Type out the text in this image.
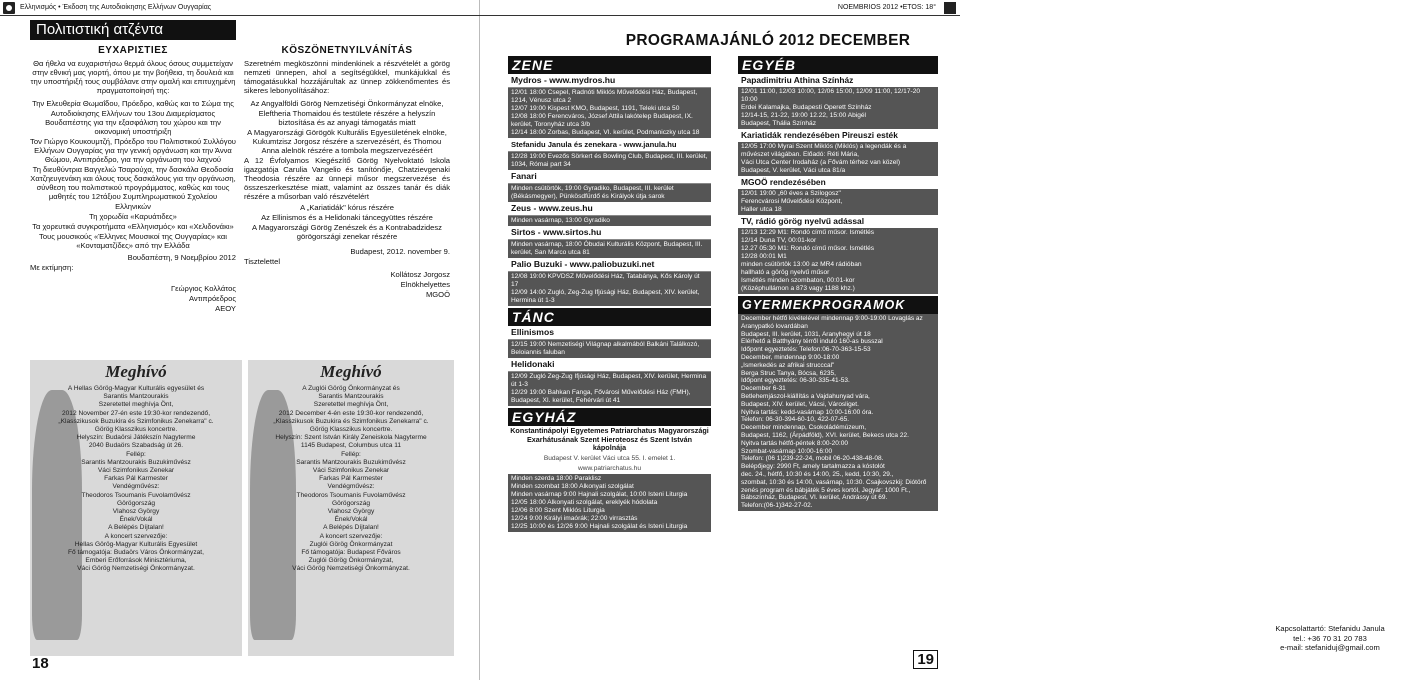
Ελληνισμός • Έκδοση της Αυτοδιοίκησης Ελλήνων Ουγγαρίας
Πολιτιστική ατζέντα
ΕΥΧΑΡΙΣΤΙΕΣ

Θα ήθελα να ευχαριστήσω θερμά όλους όσους συμμετείχαν στην εθνική μας γιορτή, όπου με την βοήθεια, τη δουλειά και την υποστήριξή τους συμβάλανε στην ομαλή και επιτυχημένη πραγματοποίησή της:

Την Ελευθερία Θωμαΐδου, Πρόεδρο, καθώς και το Σώμα της Αυτοδιοίκησης Ελλήνων του 13ου Διαμερίσματος Βουδαπέστης για την εξασφάλιση του χώρου και την οικονομική υποστήριξη

Τον Γιώργο Κουκουμτζή, Πρόεδρο του Πολιτιστικού Συλλόγου Ελλήνων Ουγγαρίας για την γενική οργάνωση και την Άννα Θώμου, Αντιπρόεδρο, για την οργάνωση του λαχνού

Τη διευθύντρια Βαγγελιώ Τσαρούχα, την δασκάλα Θεοδοσία Χατζηευγενάκη και όλους τους δασκάλους για την οργάνωση, σύνθεση του πολιτιστικού προγράμματος, καθώς και τους μαθητές του 12τάξιου Συμπληρωματικού Σχολείου Ελληνικών

Τη χορωδία «Καρυάτιδες»

Τα χορευτικά συγκροτήματα «Ελληνισμός» και «Χελιδονάκι»

Τους μουσικούς «Έλληνες Μουσικοί της Ουγγαρίας» και «Κονταματζίδες» από την Ελλάδα

Βουδαπέστη, 9 Νοεμβρίου 2012

Με εκτίμηση:

Γεώργιος Κολλάτος

Αντιπρόεδρος

ΑΕΟΥ

KÖSZÖNETNYILVÁNÍTÁS

Szeretném megköszönni mindenkinek a részvételét a görög nemzeti ünnepen, ahol a segítségükkel, munkájukkal és támogatásukkal hozzájárultak az ünnep zökkenőmentes és sikeres lebonyolításához:

Az Angyalföldi Görög Nemzetiségi Önkormányzat elnöke, Eleftheria Thomaidou és testülete részére a helyszín biztosítása és az anyagi támogatás miatt

A Magyarországi Görögök Kulturális Egyesületének elnöke, Kukumtzisz Jorgosz részére a szervezésért, és Thomou Anna alelnök részére a tombola megszervezéséért

A 12 Évfolyamos Kiegészítő Görög Nyelvoktató Iskola igazgatója Carulia Vangelio és tanítónője, Chatzievgenaki Theodosia részére az ünnepi műsor megszervezése és összeszerkesztése miatt, valamint az összes tanár és diák részére a műsorban való részvételért

A „Kariatidák" kórus részére

Az Ellinismos és a Helidonaki táncegyüttes részére

A Magyarországi Görög Zenészek és a Kontrabadzidesz görögországi zenekar részére

Budapest, 2012. november 9.

Tisztelettel

Kollátosz Jorgosz

Elnökhelyettes

MGOÖ

Meghívó
A Hellas Görög-Magyar Kulturális egyesület és
Sarantis Mantzourakis
Szeretettel meghívja Önt,
2012 November 27-én este 19:30-kor rendezendő,
„Klasszikusok Buzukira és Szimfonikus Zenekarra" c.
Görög Klasszikus koncertre.
Helyszín: Budaörsi Játékszín Nagyterme
2040 Budaörs Szabadság út 26.
Fellép:
Sarantis Mantzourakis Buzukiművész
Váci Szimfonikus Zenekar
Farkas Pál Karmester
Vendégművész:
Theodoros Tsoumanis Fuvolaművész
Görögország
Vlahosz György
Ének/Vokál
A Belépés Díjtalan!
A koncert szervezője:
Hellas Görög-Magyar Kulturális Egyesület
Fő támogatója: Budaörs Város Önkormányzat,
Emberi Erőforrások Minisztériuma,
Váci Görög Nemzetiségi Önkormányzat.
Meghívó
A Zuglói Görög Önkormányzat és
Sarantis Mantzourakis
Szeretettel meghívja Önt,
2012 December 4-én este 19:30-kor rendezendő,
„Klasszikusok Buzukira és Szimfonikus Zenekarra" c.
Görög Klasszikus koncertre.
Helyszín: Szent István Király Zeneiskola Nagyterme
1145 Budapest, Columbus utca 11
Fellép:
Sarantis Mantzourakis Buzukiművész
Váci Szimfonikus Zenekar
Farkas Pál Karmester
Vendégművész:
Theodoros Tsoumanis Fuvolaművész
Görögország
Vlahosz György
Ének/Vokál
A Belépés Díjtalan!
A koncert szervezője:
Zuglói Görög Önkormányzat
Fő támogatója: Budapest Főváros
Zuglói Görög Önkormányzat,
Váci Görög Nemzetiségi Önkormányzat.
18
NOEMBRIOS 2012 •ETOS: 18°
PROGRAMAJÁNLÓ 2012 DECEMBER
ZENE
Mydros - www.mydros.hu
12/01 18:00 Csepel, Radnóti Miklós Művelődési Ház, Budapest, 1214, Vénusz utca 2
12/07 19:00 Kispest KMO, Budapest, 1191, Teleki utca 50
12/08 18:00 Ferencváros, József Attila lakótelep Budapest, IX. kerület, Toronyház utca 3/b
12/14 18:00 Zorbas, Budapest, VI. kerület, Podmaniczky utca 18
Stefanidu Janula és zenekara - www.janula.hu
12/28 19:00 Evezős Sörkert és Bowling Club, Budapest, III. kerület, 1034, Római part 34
Fanari
Minden csütörtök, 19:00 Gyradiko, Budapest, III. kerület (Békásmegyer), Pünkösdfürdő és Királyok útja sarok
Zeus - www.zeus.hu
Minden vasárnap, 13:00 Gyradiko
Sirtos - www.sirtos.hu
Minden vasárnap, 18:00 Óbudai Kulturális Központ, Budapest, III. kerület, San Marco utca 81
Palio Buzuki - www.paliobuzuki.net
12/08 19:00 KPVDSZ Művelődési Ház, Tatabánya, Kős Károly út 17
12/09 14:00 Zugló, Zeg-Zug Ifjúsági Ház, Budapest, XIV. kerület, Hermina út 1-3
TÁNC
Ellinismos
12/15 19:00 Nemzetiségi Világnap alkalmából Balkáni Találkozó, Beloiannis faluban
Helidonaki
12/09 Zugló Zeg-Zug Ifjúsági Ház, Budapest, XIV. kerület, Hermina út 1-3
12/29 19:00 Bahkan Fanga, Fővárosi Művelődési Ház (FMH), Budapest, XI. kerület, Fehérvári út 41
EGYHÁZ
Konstantinápolyi Egyetemes Patriarchatus Magyarországi Exarhátusának Szent Hieroteosz és Szent István kápolnája
Budapest V. kerület Váci utca 55. I. emelet 1.
www.patriarchatus.hu
Minden szerda 18:00 Paraklisz
Minden szombat 18:00 Alkonyati szolgálat
Minden vasárnap 9:00 Hajnali szolgálat, 10:00 Isteni Liturgia
12/05 18:00 Alkonyati szolgálat, ereklyék hódolata
12/06 8:00 Szent Miklós Liturgia
12/24 9:00 Királyi imaórák; 22:00 virrasztás
12/25 10:00 és 12/26 9:00 Hajnali szolgálat és Isteni Liturgia
EGYÉB
Papadimitriu Athina Színház
12/01 11:00, 12/03 10:00, 12/06 15:00, 12/09 11:00, 12/17-20 10:00
Erdei Kalamajka, Budapesti Operett Színház
12/14-15, 21-22, 19:00 12.22, 15:00 Abigél
Budapest, Thália Színház
Kariatidák rendezésében Pireuszi esték
12/05 17:00 Myrai Szent Miklós (Miklós) a legendák és a művészet világában. Előadó: Réti Mária,
Váci Utca Center Irodaház (a Fővám térhez van közel)
Budapest, V. kerület, Váci utca 81/a
MGOÖ rendezésében
12/01 19:00 „60 éves a Szilogosz"
Ferencvárosi Művelődési Központ,
Haller utca 18
TV, rádió görög nyelvű adással
12/13 12:29 M1: Rondó című műsor. Ismétlés
12/14 Duna TV, 00:01-kor
12.27 05:30 M1: Rondó című műsor. Ismétlés
12/28 00:01 M1
minden csütörtök 13:00 az MR4 rádióban
hallható a görög nyelvű műsor
Ismétlés minden szombaton, 00:01-kor
(Középhullámon a 873 vagy 1188 khz.)
GYERMEKPROGRAMOK
December hétfő kivételével mindennap 9:00-19:00 Lovaglás az Aranypatkó lovardában
Budapest, III. kerület, 1031, Aranyhegyi út 18
Elérhető a Batthyány térről induló 160-as busszal
Időpont egyeztetés: Telefon:06-70-363-15-53
December, mindennap 9:00-18:00
„Ismerkedés az afrikai strucccal"
Berga Struc Tanya, Bócsa, 6235,
Időpont egyeztetés: 06-30-335-41-53.
December 6-31
Betlehemjászol-kiállítás a Vajdahunyad vára,
Budapest, XIV. kerület, Vácsi, Városliget.
Nyitva tartás: kedd-vasárnap 10:00-16:00 óra.
Telefon: 06-30-394-60-10, 422-07-65.
December mindennap, Csokoládémúzeum,
Budapest, 1162, (Árpádföld), XVI. kerület, Bekecs utca 22.
Nyitva tartás hétfő-péntek 8:00-20:00
Szombat-vasárnap 10:00-16:00
Telefon: (06 1)239-22-24, mobil 06-20-438-48-08.
Belépőjegy: 2990 Ft, amely tartalmazza a kóstolót
dec. 24., hétfő, 10:30 és 14:00, 25., kedd, 10:30, 29.,
szombat, 10:30 és 14:00, vasárnap, 10:30. Csajkovszkij: Diótörő
zenés program és bábjáték 5 éves kortól, Jegyár: 1000 Ft.,
Bábszínház, Budapest, VI. kerület, Andrássy út 69.
Telefon:(06-1)342-27-02.
Kapcsolattartó: Stefanidu Janula
tel.: +36 70 31 20 783
e-mail: stefaniduj@gmail.com
19
